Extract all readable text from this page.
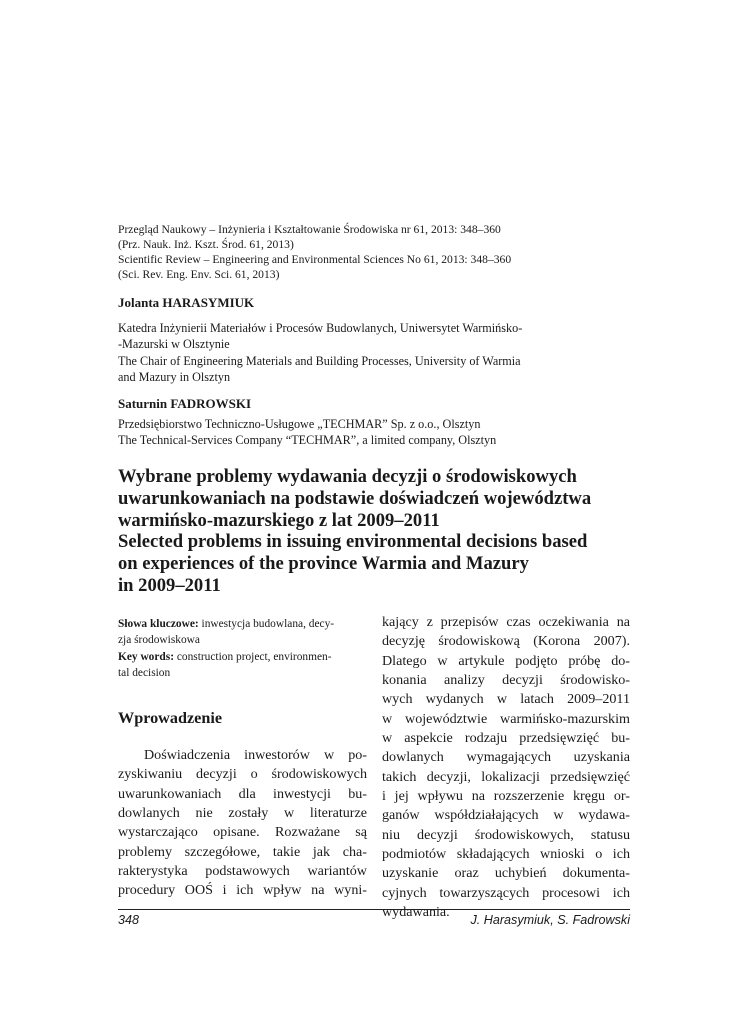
Przegląd Naukowy – Inżynieria i Kształtowanie Środowiska nr 61, 2013: 348–360
(Prz. Nauk. Inż. Kszt. Środ. 61, 2013)
Scientific Review – Engineering and Environmental Sciences No 61, 2013: 348–360
(Sci. Rev. Eng. Env. Sci. 61, 2013)
Jolanta HARASYMIUK
Katedra Inżynierii Materiałów i Procesów Budowlanych, Uniwersytet Warmińsko-
-Mazurski w Olsztynie
The Chair of Engineering Materials and Building Processes, University of Warmia
and Mazury in Olsztyn
Saturnin FADROWSKI
Przedsiębiorstwo Techniczno-Usługowe „TECHMAR” Sp. z o.o., Olsztyn
The Technical-Services Company “TECHMAR”, a limited company, Olsztyn
Wybrane problemy wydawania decyzji o środowiskowych
uwarunkowaniach na podstawie doświadczeń województwa
warmińsko-mazurskiego z lat 2009–2011
Selected problems in issuing environmental decisions based
on experiences of the province Warmia and Mazury
in 2009–2011
Słowa kluczowe: inwestycja budowlana, decy-
zja środowiskowa
Key words: construction project, environmen-
tal decision
Wprowadzenie
Doświadczenia inwestorów w po-
zyskiwaniu decyzji o środowiskowych
uwarunkowaniach dla inwestycji bu-
dowlanych nie zostały w literaturze
wystarczająco opisane. Rozważane są
problemy szczegółowe, takie jak cha-
rakterystyka podstawowych wariantów
procedury OOŚ i ich wpływ na wyni-
kający z przepisów czas oczekiwania na
decyzję środowiskową (Korona 2007).
Dlatego w artykule podjęto próbę do-
konania analizy decyzji środowisko-
wych wydanych w latach 2009–2011
w województwie warmińsko-mazurskim
w aspekcie rodzaju przedsięwzięć bu-
dowlanych wymagających uzyskania
takich decyzji, lokalizacji przedsięwzięć
i jej wpływu na rozszerzenie kręgu or-
ganów współdziałających w wydawa-
niu decyzji środowiskowych, statusu
podmiotów składających wnioski o ich
uzyskanie oraz uchybień dokumenta-
cyjnych towarzyszących procesowi ich
wydawania.
348	J. Harasymiuk, S. Fadrowski
